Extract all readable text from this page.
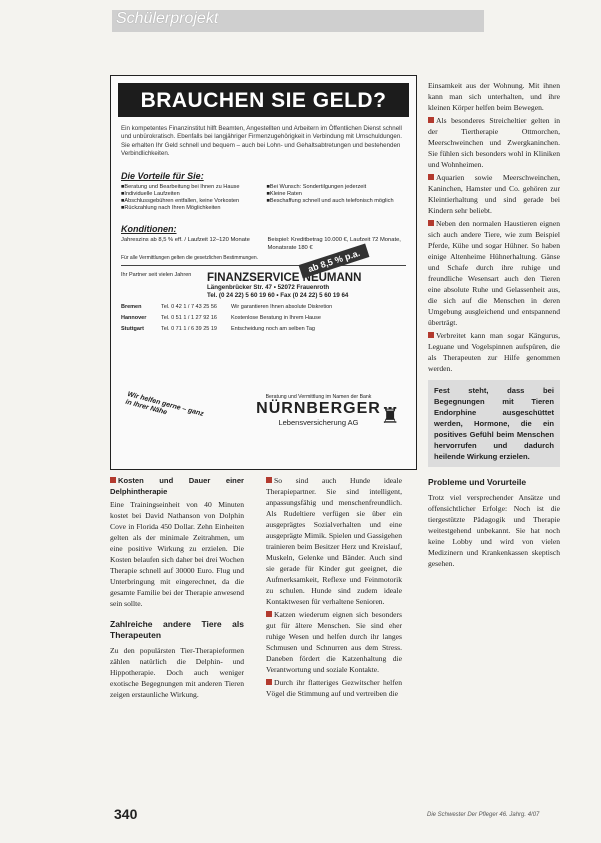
Schülerprojekt
BRAUCHEN SIE GELD?
Ein kompetentes Finanzinstitut hilft Beamten, Angestellten und Arbeitern im Öffentlichen Dienst schnell und unbürokratisch. Ebenfalls bei langjähriger Firmenzugehörigkeit in Verbindung mit Umschuldungen. Sie erhalten Ihr Geld schnell und bequem – auch bei Lohn- und Gehaltsabtretungen und bestehenden Verbindlichkeiten.
Die Vorteile für Sie:
■ Beratung und Bearbeitung bei Ihnen zu Hause
■ Individuelle Laufzeiten
■ Abschlussgebühren entfallen, keine Vorkosten
■ Rückzahlung nach Ihren Möglichkeiten
■ Bei Wunsch: Sondertilgungen jederzeit
■ Kleine Raten
■ Beschaffung schnell und auch telefonisch möglich
Konditionen:
Jahreszins ab 8,5 % eff. / Laufzeit 12–120 Monate	Beispiel: Kreditbetrag 10.000 €, Laufzeit 72 Monate, Monatsrate 180 €
ab 8,5 % p.a.
Für alle Vermittlungen gelten die gesetzlichen Bestimmungen.
Ihr Partner seit vielen Jahren	FINANZSERVICE NEUMANN
Längenbrücker Str. 47 • 52072 Frauenroth
Tel. (0 24 22) 5 60 19 60 • Fax (0 24 22) 5 60 19 64
Bremen	Tel. 0 42 1 / 7 43 25 56	Wir garantieren Ihnen absolute Diskretion
Hannover	Tel. 0 51 1 / 1 27 92 16	Kostenlose Beratung in Ihrem Hause
Stuttgart	Tel. 0 71 1 / 6 39 25 19	Entscheidung noch am selben Tag
Wir helfen gerne – ganz in Ihrer Nähe
Beratung und Vermittlung im Namen der Bank
NÜRNBERGER
Lebensversicherung AG ♜

Kosten und Dauer einer Delphintherapie

Eine Trainingseinheit von 40 Minuten kostet bei David Nathanson von Dolphin Cove in Florida 450 Dollar. Zehn Einheiten gelten als der minimale Zeitrahmen, um eine positive Wirkung zu erzielen. Die Kosten belaufen sich daher bei drei Wochen Therapie schnell auf 30000 Euro. Flug und Unterbringung mit eingerechnet, da die gesamte Familie bei der Therapie anwesend sein sollte.

Zahlreiche andere Tiere als Therapeuten

Zu den populärsten Tier-Therapieformen zählen natürlich die Delphin- und Hippotherapie. Doch auch weniger exotische Begegnungen mit anderen Tieren zeigen erstaunliche Wirkung.

So sind auch Hunde ideale Therapiepartner. Sie sind intelligent, anpassungsfähig und menschenfreundlich. Als Rudeltiere verfügen sie über ein ausgeprägtes Sozialverhalten und eine ausgeprägte Mimik. Spielen und Gassigehen trainieren beim Besitzer Herz und Kreislauf, Muskeln, Gelenke und Bänder. Auch sind sie gerade für Kinder gut geeignet, die Aufmerksamkeit, Reflexe und Feinmotorik zu schulen. Hunde sind zudem ideale Kontaktwesen für verhaltene Senioren.

Katzen wiederum eignen sich besonders gut für ältere Menschen. Sie sind eher ruhige Wesen und helfen durch ihr langes Schmusen und Schnurren aus dem Stress. Daneben fördert die Katzenhaltung die Verantwortung und soziale Kontakte.

Durch ihr flatteriges Gezwitscher helfen Vögel die Stimmung auf und vertreiben die

Einsamkeit aus der Wohnung. Mit ihnen kann man sich unterhalten, und ihre kleinen Körper helfen beim Bewegen.

Als besonderes Streicheltier gelten in der Tiertherapie Ottmorchen, Meerschweinchen und Zwergkaninchen. Sie fühlen sich besonders wohl in Kliniken und Wohnheimen.

Aquarien sowie Meerschweinchen, Kaninchen, Hamster und Co. gehören zur Kleintierhaltung und sind gerade bei Kindern sehr beliebt.

Neben den normalen Haustieren eignen sich auch andere Tiere, wie zum Beispiel Pferde, Kühe und sogar Hühner. So haben einige Altenheime Hühnerhaltung. Gänse und Schafe durch ihre ruhige und freundliche Wesensart auch den Tieren eine absolute Ruhe und Gelassenheit aus, die sich auf die Menschen in deren Umgebung ausgleichend und entspannend überträgt.

Verbreitet kann man sogar Kängurus, Leguane und Vogelspinnen aufspüren, die als Therapeuten zur Hilfe genommen werden.

Fest steht, dass bei Begegnungen mit Tieren Endorphine ausgeschüttet werden, Hormone, die ein positives Gefühl beim Menschen hervorrufen und dadurch heilende Wirkung erzielen.
Probleme und Vorurteile

Trotz viel versprechender Ansätze und offensichtlicher Erfolge: Noch ist die tiergestützte Pädagogik und Therapie weitestgehend unbekannt. Sie hat noch keine Lobby und wird von vielen Medizinern und Krankenkassen skeptisch gesehen.

340	Die Schwester Der Pfleger 46. Jahrg. 4/07
